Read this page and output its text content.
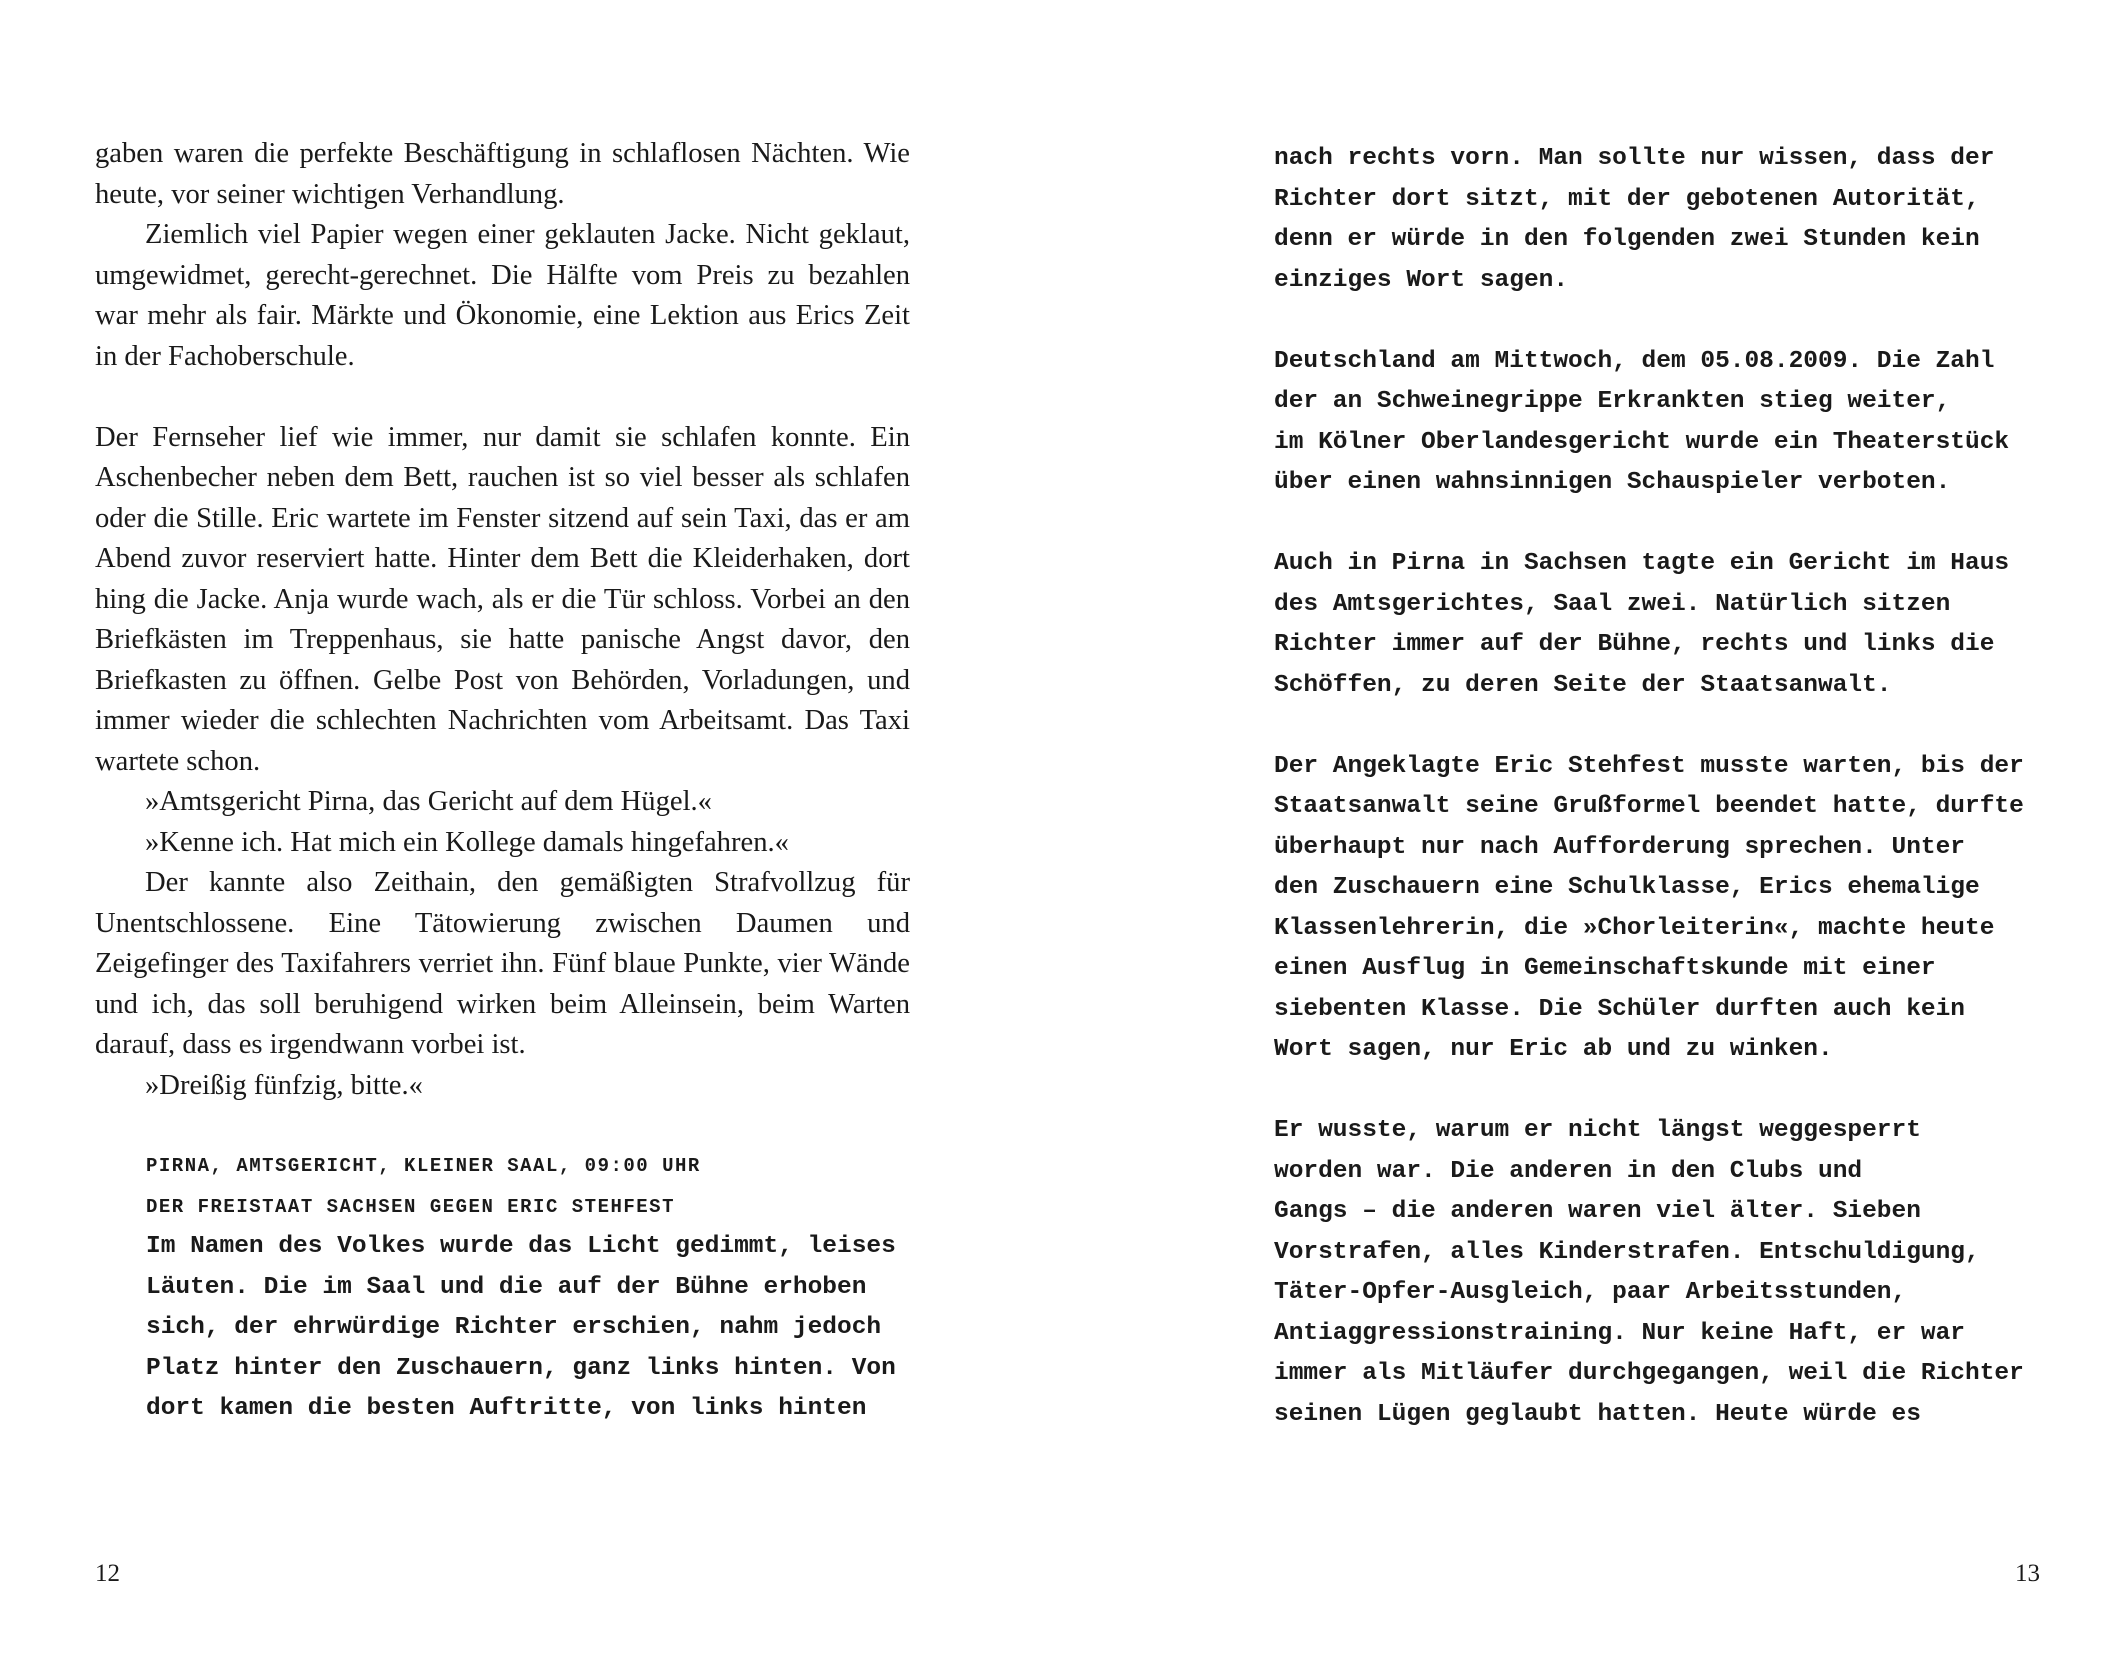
gaben waren die perfekte Beschäftigung in schlaflosen Nächten. Wie heute, vor seiner wichtigen Verhandlung.

Ziemlich viel Papier wegen einer geklauten Jacke. Nicht geklaut, umgewidmet, gerecht-gerechnet. Die Hälfte vom Preis zu bezahlen war mehr als fair. Märkte und Ökonomie, eine Lektion aus Erics Zeit in der Fachoberschule.

Der Fernseher lief wie immer, nur damit sie schlafen konnte. Ein Aschenbecher neben dem Bett, rauchen ist so viel besser als schlafen oder die Stille. Eric wartete im Fenster sitzend auf sein Taxi, das er am Abend zuvor reserviert hatte. Hinter dem Bett die Kleiderhaken, dort hing die Jacke. Anja wurde wach, als er die Tür schloss. Vorbei an den Briefkästen im Treppenhaus, sie hatte panische Angst davor, den Briefkasten zu öffnen. Gelbe Post von Behörden, Vorladungen, und immer wieder die schlechten Nachrichten vom Arbeitsamt. Das Taxi wartete schon.

»Amtsgericht Pirna, das Gericht auf dem Hügel.«

»Kenne ich. Hat mich ein Kollege damals hingefahren.«

Der kannte also Zeithain, den gemäßigten Strafvollzug für Unentschlossene. Eine Tätowierung zwischen Daumen und Zeigefinger des Taxifahrers verriet ihn. Fünf blaue Punkte, vier Wände und ich, das soll beruhigend wirken beim Alleinsein, beim Warten darauf, dass es irgendwann vorbei ist.

»Dreißig fünfzig, bitte.«

PIRNA, AMTSGERICHT, KLEINER SAAL, 09:00 UHR
DER FREISTAAT SACHSEN GEGEN ERIC STEHFEST
Im Namen des Volkes wurde das Licht gedimmt, leises
Läuten. Die im Saal und die auf der Bühne erhoben
sich, der ehrwürdige Richter erschien, nahm jedoch
Platz hinter den Zuschauern, ganz links hinten. Von
dort kamen die besten Auftritte, von links hinten
12
nach rechts vorn. Man sollte nur wissen, dass der
Richter dort sitzt, mit der gebotenen Autorität,
denn er würde in den folgenden zwei Stunden kein
einziges Wort sagen.
Deutschland am Mittwoch, dem 05.08.2009. Die Zahl
der an Schweinegrippe Erkrankten stieg weiter,
im Kölner Oberlandesgericht wurde ein Theaterstück
über einen wahnsinnigen Schauspieler verboten.
Auch in Pirna in Sachsen tagte ein Gericht im Haus
des Amtsgerichtes, Saal zwei. Natürlich sitzen
Richter immer auf der Bühne, rechts und links die
Schöffen, zu deren Seite der Staatsanwalt.
Der Angeklagte Eric Stehfest musste warten, bis der
Staatsanwalt seine Grußformel beendet hatte, durfte
überhaupt nur nach Aufforderung sprechen. Unter
den Zuschauern eine Schulklasse, Erics ehemalige
Klassenlehrerin, die »Chorleiterin«, machte heute
einen Ausflug in Gemeinschaftskunde mit einer
siebenten Klasse. Die Schüler durften auch kein
Wort sagen, nur Eric ab und zu winken.
Er wusste, warum er nicht längst weggesperrt
worden war. Die anderen in den Clubs und
Gangs – die anderen waren viel älter. Sieben
Vorstrafen, alles Kinderstrafen. Entschuldigung,
Täter-Opfer-Ausgleich, paar Arbeitsstunden,
Antiaggressionstraining. Nur keine Haft, er war
immer als Mitläufer durchgegangen, weil die Richter
seinen Lügen geglaubt hatten. Heute würde es
13
